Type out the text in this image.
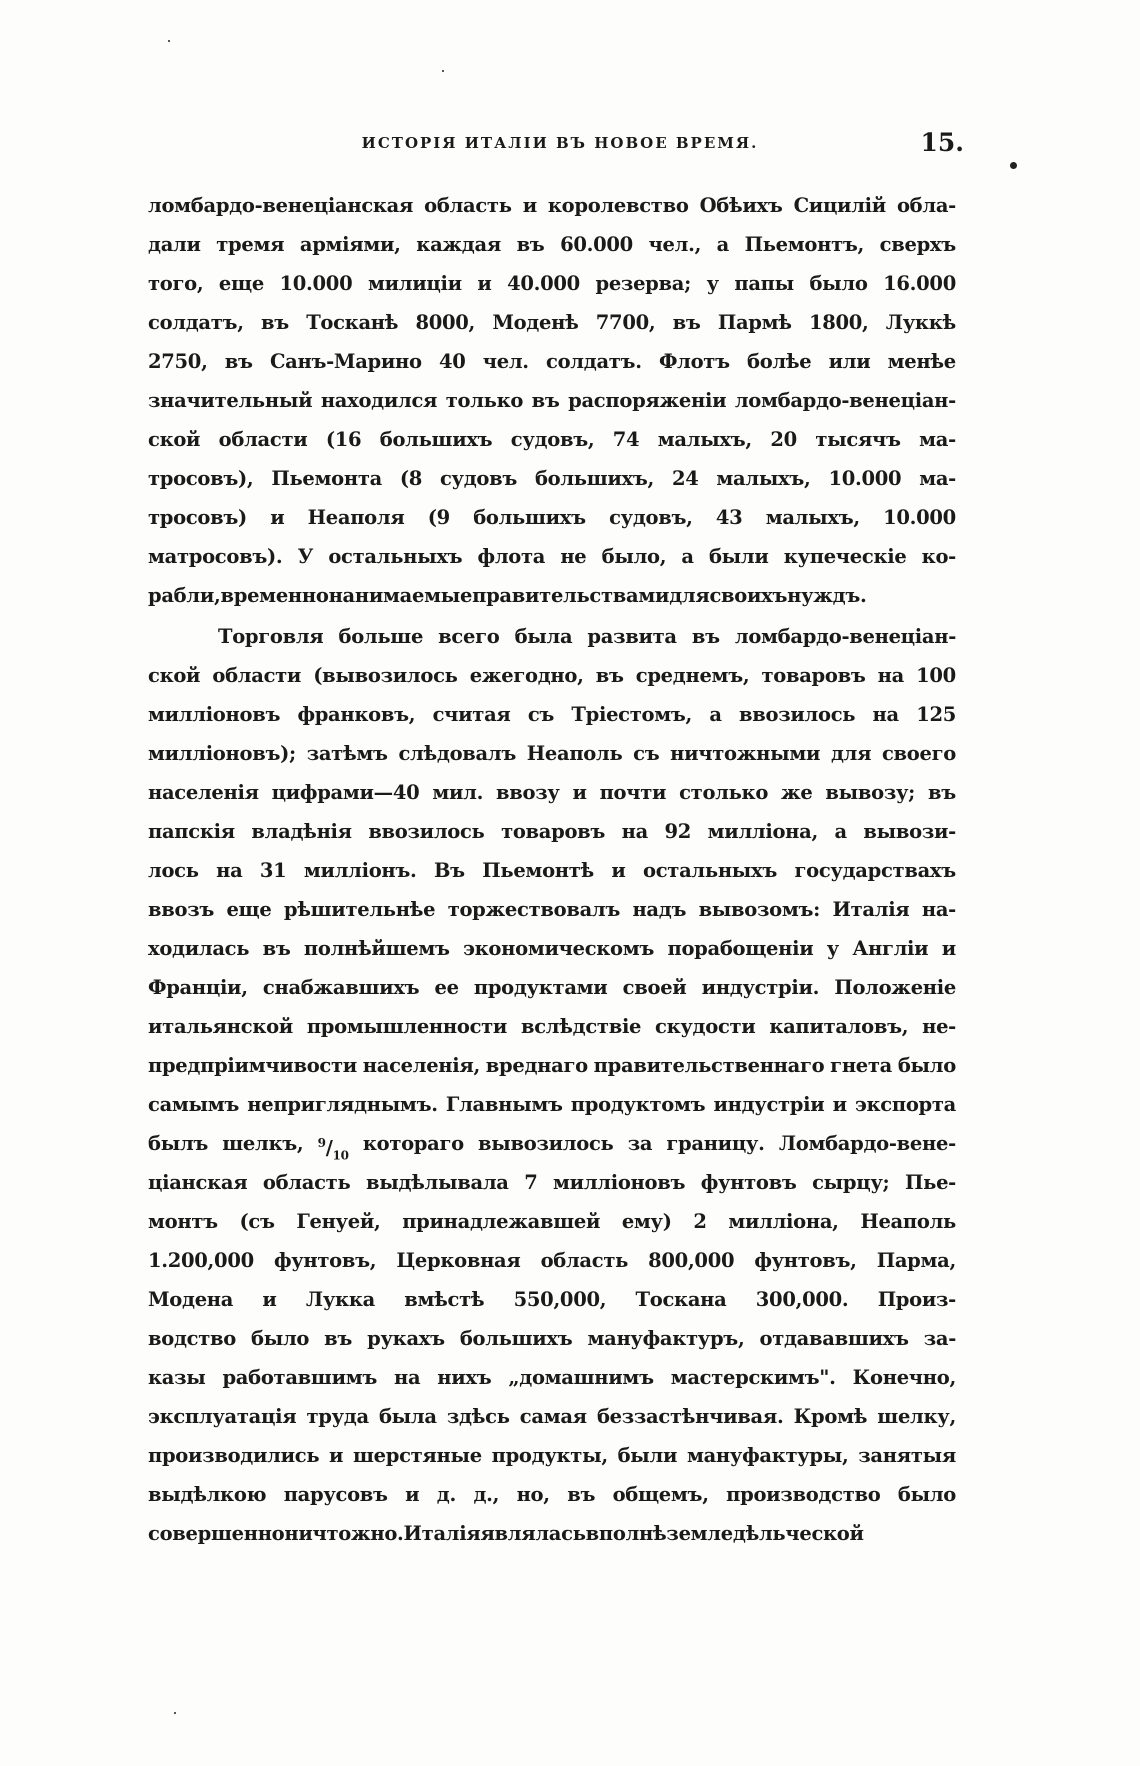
ИСТОРІЯ ИТАЛІИ ВЪ НОВОЕ ВРЕМЯ.	15.
ломбардо-венеціанская область и королевство Обѣихъ Сицилій обла-
дали тремя арміями, каждая въ 60.000 чел., а Пьемонтъ, сверхъ
того, еще 10.000 милиціи и 40.000 резерва; у папы было 16.000
солдатъ, въ Тосканѣ 8000, Моденѣ 7700, въ Пармѣ 1800, Луккѣ
2750, въ Санъ-Марино 40 чел. солдатъ. Флотъ болѣе или менѣе
значительный находился только въ распоряженіи ломбардо-венеціан-
ской области (16 большихъ судовъ, 74 малыхъ, 20 тысячъ ма-
тросовъ), Пьемонта (8 судовъ большихъ, 24 малыхъ, 10.000 ма-
тросовъ) и Неаполя (9 большихъ судовъ, 43 малыхъ, 10.000
матросовъ). У остальныхъ флота не было, а были купеческіе ко-
рабли, временно нанимаемые правительствами для своихъ нуждъ.
Торговля больше всего была развита въ ломбардо-венеціан-
ской области (вывозилось ежегодно, въ среднемъ, товаровъ на 100
милліоновъ франковъ, считая съ Тріестомъ, а ввозилось на 125
милліоновъ); затѣмъ слѣдовалъ Неаполь съ ничтожными для своего
населенія цифрами—40 мил. ввозу и почти столько же вывозу; въ
папскія владѣнія ввозилось товаровъ на 92 милліона, а вывози-
лось на 31 милліонъ. Въ Пьемонтѣ и остальныхъ государствахъ
ввозъ еще рѣшительнѣе торжествовалъ надъ вывозомъ: Италія на-
ходилась въ полнѣйшемъ экономическомъ порабощеніи у Англіи и
Франціи, снабжавшихъ ее продуктами своей индустріи. Положеніе
итальянской промышленности вслѣдствіе скудости капиталовъ, не-
предпріимчивости населенія, вреднаго правительственнаго гнета было
самымъ непригляднымъ. Главнымъ продуктомъ индустріи и экспорта
былъ шелкъ, $^9/_{10}$
котораго вывозилось за границу. Ломбардо-вене-
ціанская область выдѣлывала 7 милліоновъ фунтовъ сырцу; Пье-
монтъ (съ Генуей, принадлежавшей ему) 2 милліона, Неаполь
1.200,000 фунтовъ, Церковная область 800,000 фунтовъ, Парма,
Модена и Лукка вмѣстѣ 550,000, Тоскана 300,000. Произ-
водство было въ рукахъ большихъ мануфактуръ, отдававшихъ за-
казы работавшимъ на нихъ „домашнимъ мастерскимъ". Конечно,
эксплуатація труда была здѣсь самая беззастѣнчивая. Кромѣ шелку,
производились и шерстяные продукты, были мануфактуры, занятыя
выдѣлкою парусовъ и д. д., но, въ общемъ, производство было
совершенно ничтожно. Италія являлась вполнѣ земледѣльческой
